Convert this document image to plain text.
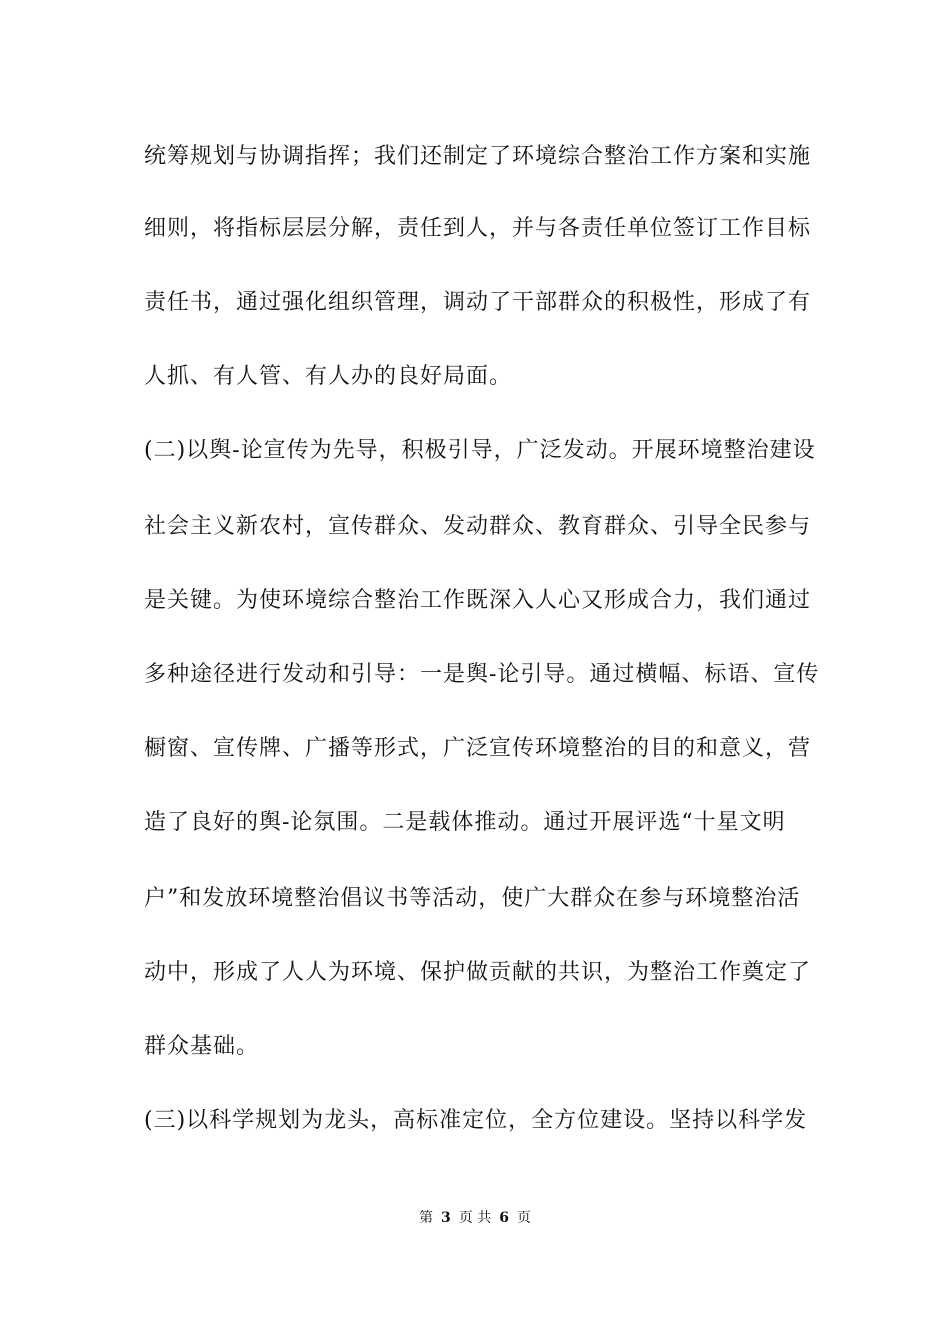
统筹规划与协调指挥；我们还制定了环境综合整治工作方案和实施
细则，将指标层层分解，责任到人，并与各责任单位签订工作目标
责任书，通过强化组织管理，调动了干部群众的积极性，形成了有
人抓、有人管、有人办的良好局面。
(二)以舆-论宣传为先导，积极引导，广泛发动。开展环境整治建设
社会主义新农村，宣传群众、发动群众、教育群众、引导全民参与
是关键。为使环境综合整治工作既深入人心又形成合力，我们通过
多种途径进行发动和引导：一是舆-论引导。通过横幅、标语、宣传
橱窗、宣传牌、广播等形式，广泛宣传环境整治的目的和意义，营
造了良好的舆-论氛围。二是载体推动。通过开展评选“十星文明
户”和发放环境整治倡议书等活动，使广大群众在参与环境整治活
动中，形成了人人为环境、保护做贡献的共识，为整治工作奠定了
群众基础。
(三)以科学规划为龙头，高标准定位，全方位建设。坚持以科学发
第 3 页 共 6 页
